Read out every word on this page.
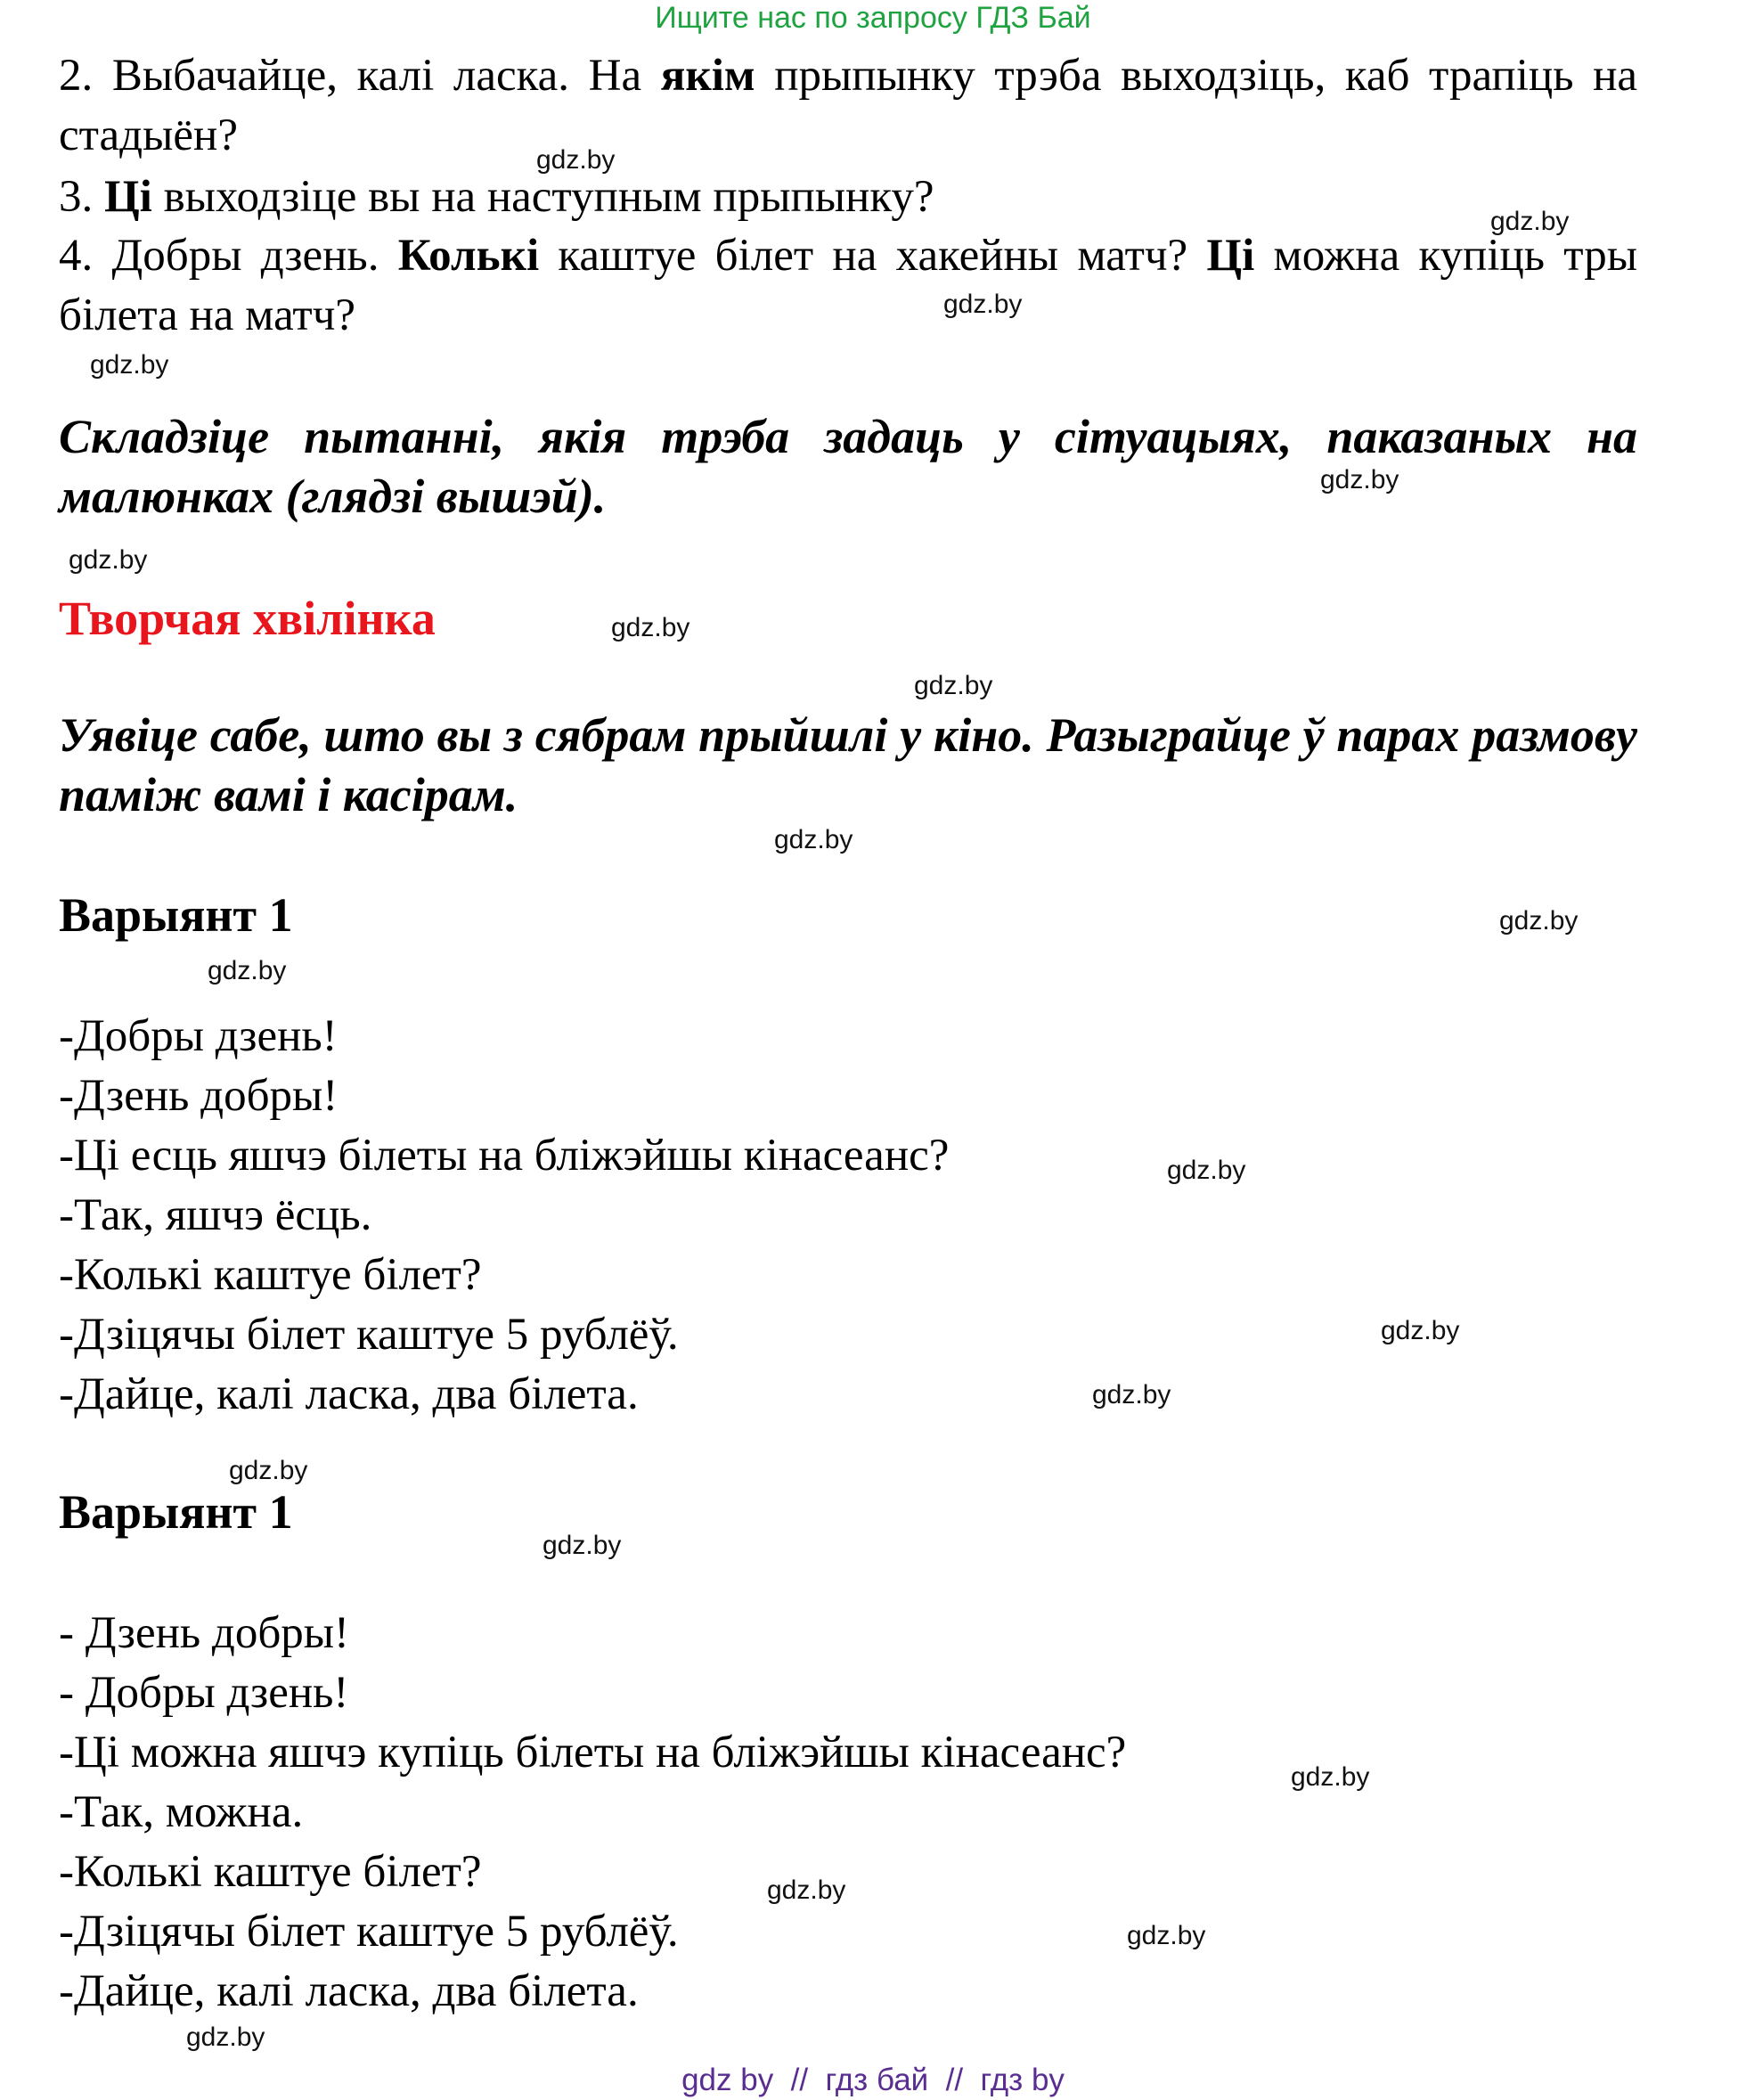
Ищите нас по запросу ГДЗ Бай
2. Выбачайце, калі ласка. На якім прыпынку трэба выходзіць, каб трапіць на стадыён?
3. Ці выходзіце вы на наступным прыпынку?
4. Добры дзень. Колькі каштуе білет на хакейны матч? Ці можна купіць тры білета на матч?
Складзіце пытанні, якія трэба задаць у сітуацыях, паказаных на малюнках (глядзі вышэй).
Творчая хвілінка
Уявіце сабе, што вы з сябрам прыйшлі у кіно. Разыграйце ў парах размову паміж вамі і касірам.
Варыянт 1
-Добры дзень!
-Дзень добры!
-Ці есць яшчэ білеты на бліжэйшы кінасеанс?
-Так, яшчэ ёсць.
-Колькі каштуе білет?
-Дзіцячы білет каштуе 5 рублёў.
-Дайце, калі ласка, два білета.
Варыянт 1
- Дзень добры!
- Добры дзень!
-Ці можна яшчэ купіць білеты на бліжэйшы кінасеанс?
-Так, можна.
-Колькі каштуе білет?
-Дзіцячы білет каштуе 5 рублёў.
-Дайце, калі ласка, два білета.
gdz.by
gdz.by
gdz.by
gdz.by
gdz.by
gdz.by
gdz.by
gdz.by
gdz.by
gdz.by
gdz.by
gdz.by
gdz.by
gdz.by
gdz.by
gdz.by
gdz.by
gdz.by
gdz.by
gdz.by
gdz by  //  гдз бай  //  гдз by
